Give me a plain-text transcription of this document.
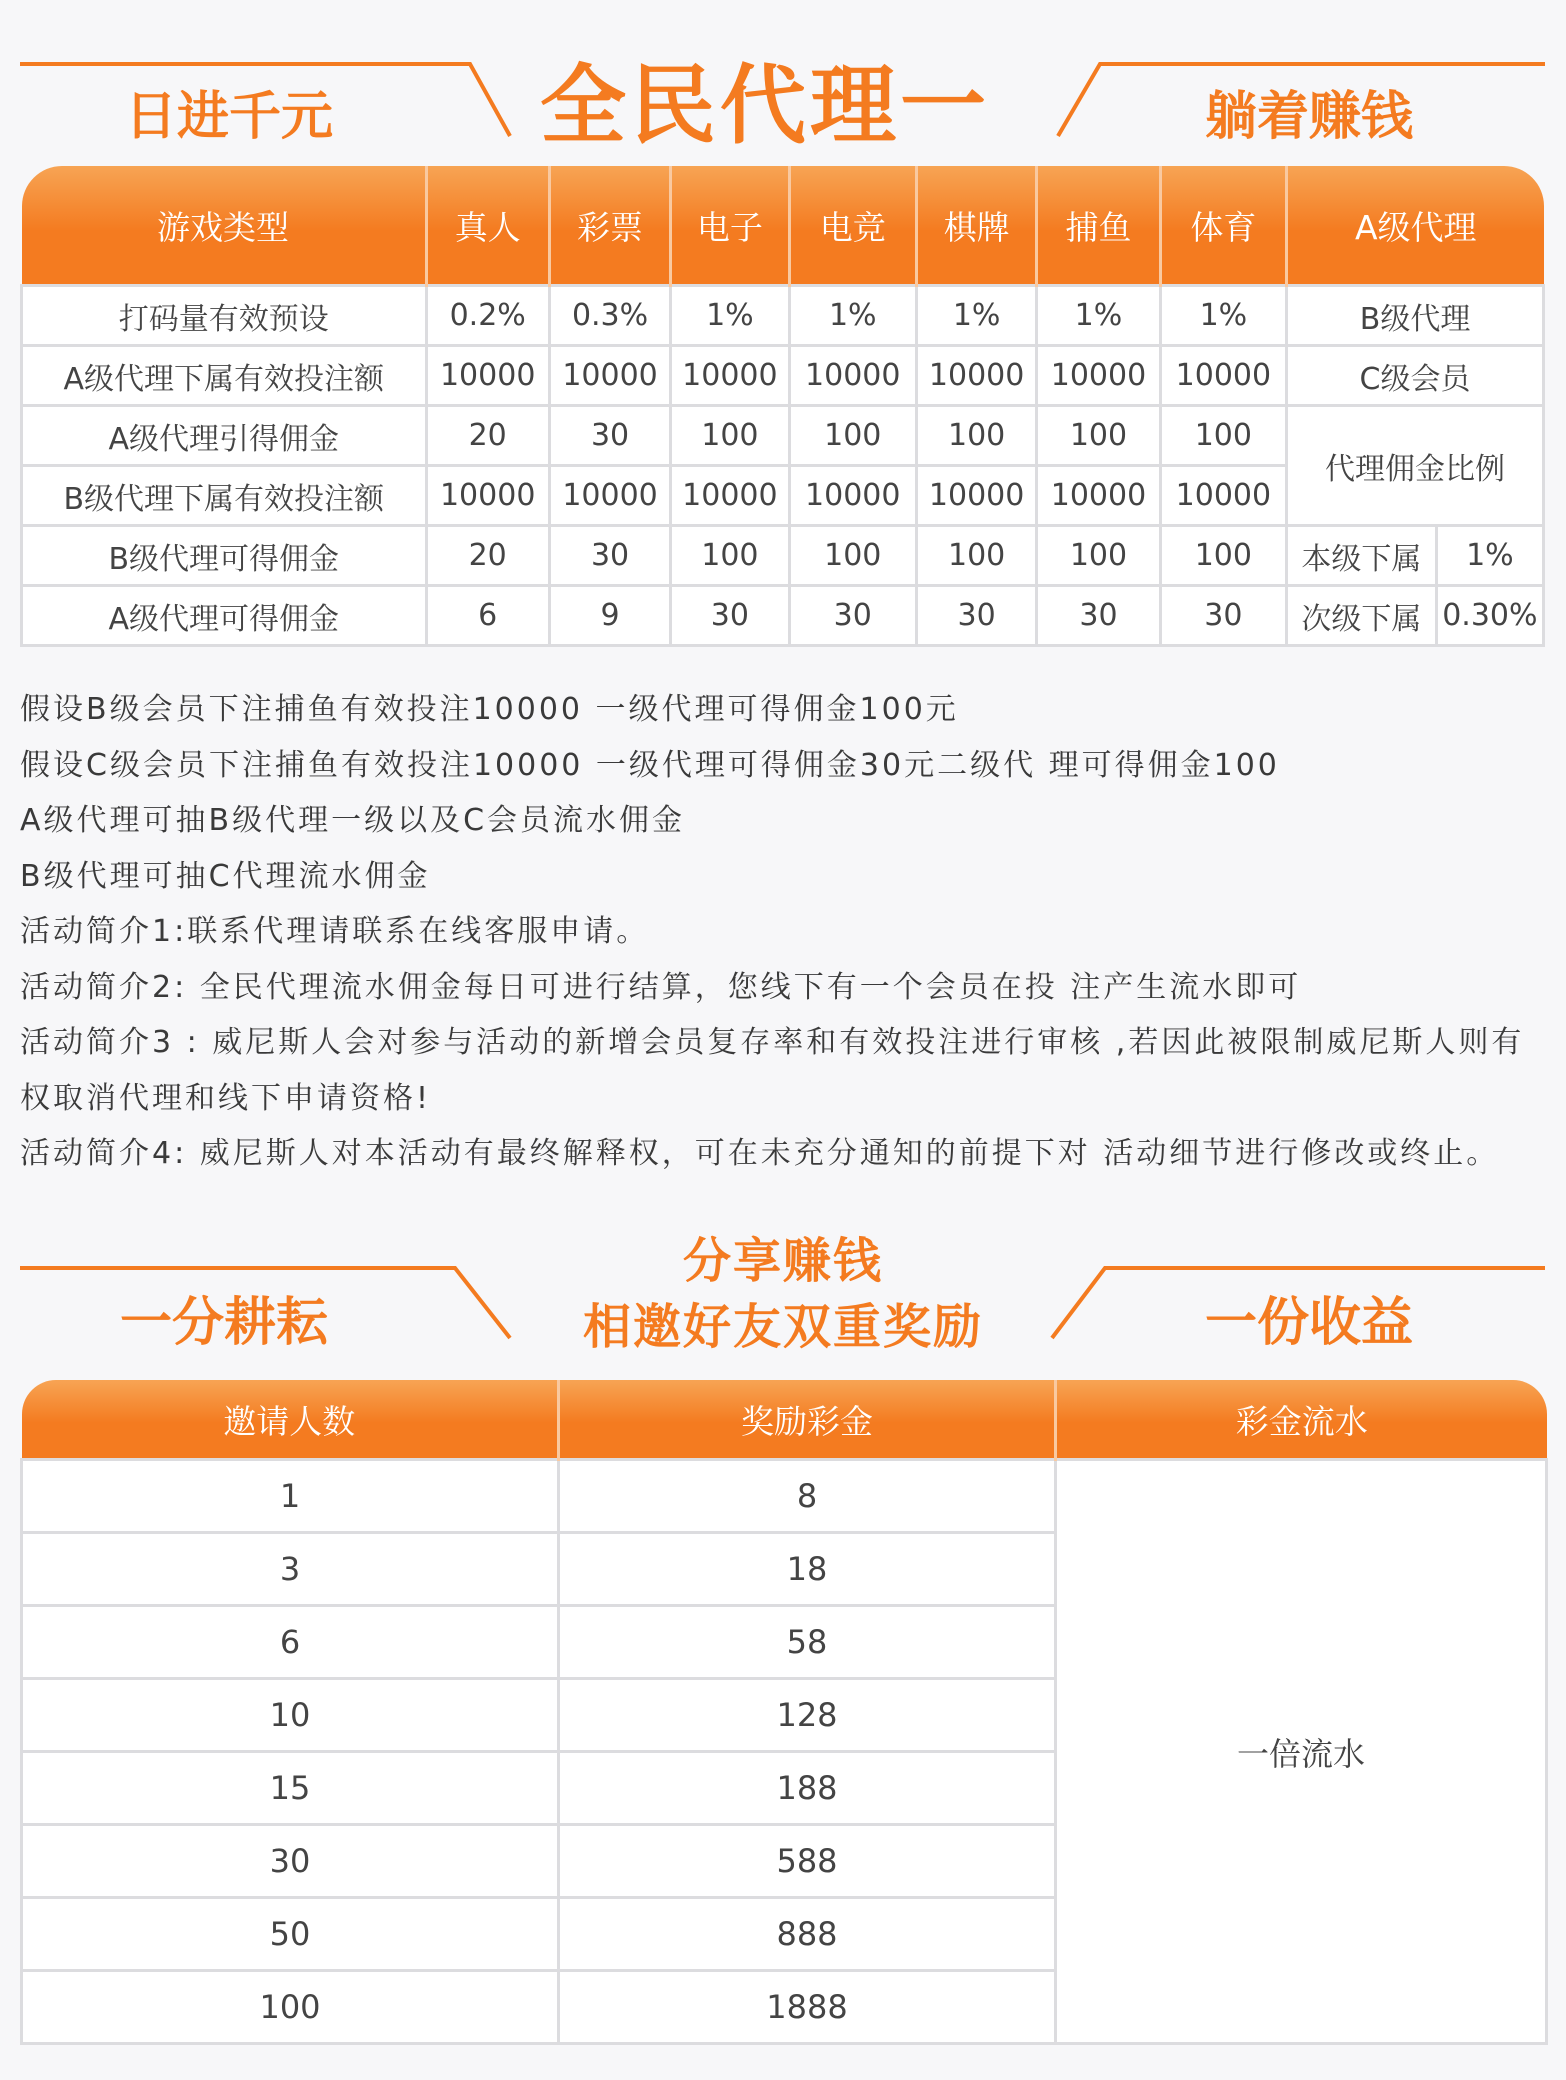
日进千元 全民代理一	躺着赚钱
游戏类型	真人	彩票	电子	电竞	棋牌	捕鱼	体育	A级代理	
打码量有效预设	0.2%	0.3%	1%	1%	1%	1%	1%	B级代理	
A级代理下属有效投注额	10000	10000	10000	10000	10000	10000	10000	C级会员	
A级代理引得佣金	20	30	100	100	100	100	100	代理佣金比例	
B级代理下属有效投注额	10000	10000	10000	10000	10000	10000	10000		
B级代理可得佣金	20	30	100	100	100	100	100	本级下属	1%
A级代理可得佣金	6	9	30	30	30	30	30	次级下属	0.30%
假设B级会员下注捕鱼有效投注10000 一级代理可得佣金100元
假设C级会员下注捕鱼有效投注10000 一级代理可得佣金30元二级代 理可得佣金100
A级代理可抽B级代理一级以及C会员流水佣金
B级代理可抽C代理流水佣金
活动简介1:联系代理请联系在线客服申请。
活动简介2: 全民代理流水佣金每日可进行结算，您线下有一个会员在投 注产生流水即可
活动简介3 : 威尼斯人会对参与活动的新增会员复存率和有效投注进行审核 ,若因此被限制威尼斯人则有权取消代理和线下申请资格!
活动简介4: 威尼斯人对本活动有最终解释权，可在未充分通知的前提下对 活动细节进行修改或终止。
一分耕耘
分享赚钱
相邀好友双重奖励	一份收益
邀请人数	奖励彩金	彩金流水
1	8	一倍流水
3	18	
6	58	
10	128	
15	188	
30	588	
50	888	
100	1888	
